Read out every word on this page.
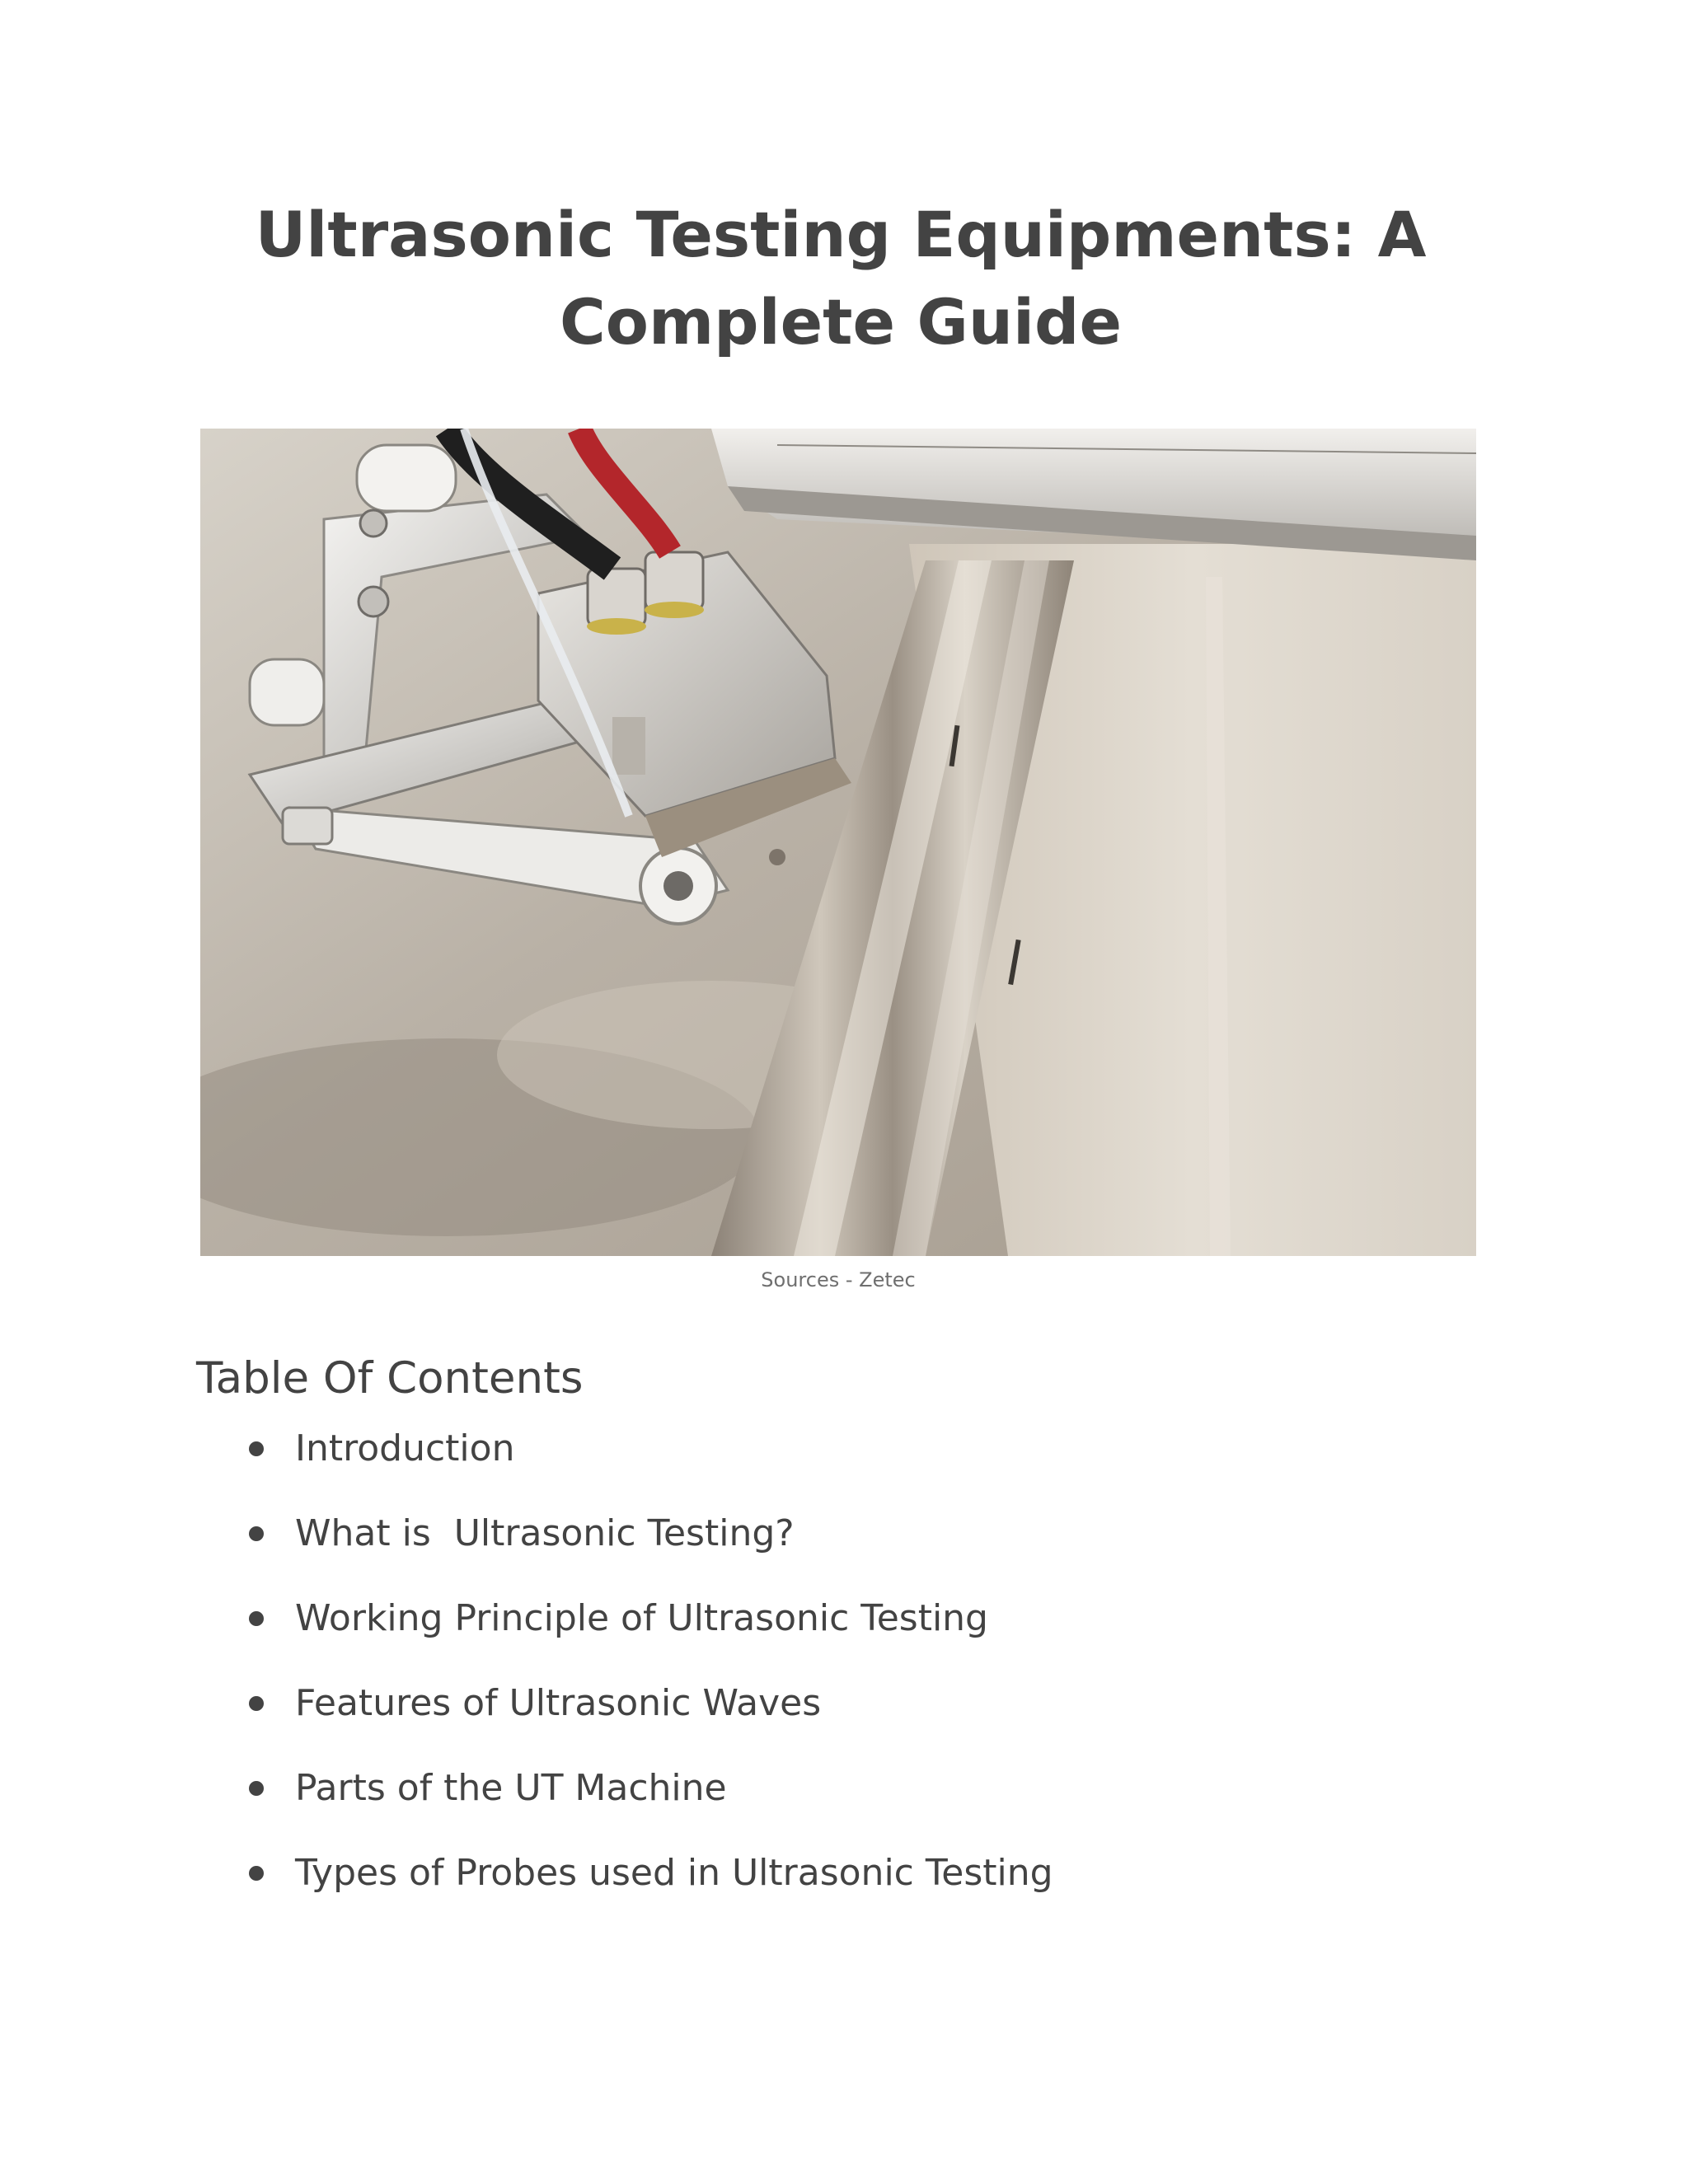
Ultrasonic Testing Equipments: A Complete Guide
Sources - Zetec
Table Of Contents
Introduction
What is  Ultrasonic Testing?
Working Principle of Ultrasonic Testing
Features of Ultrasonic Waves
Parts of the UT Machine
Types of Probes used in Ultrasonic Testing
